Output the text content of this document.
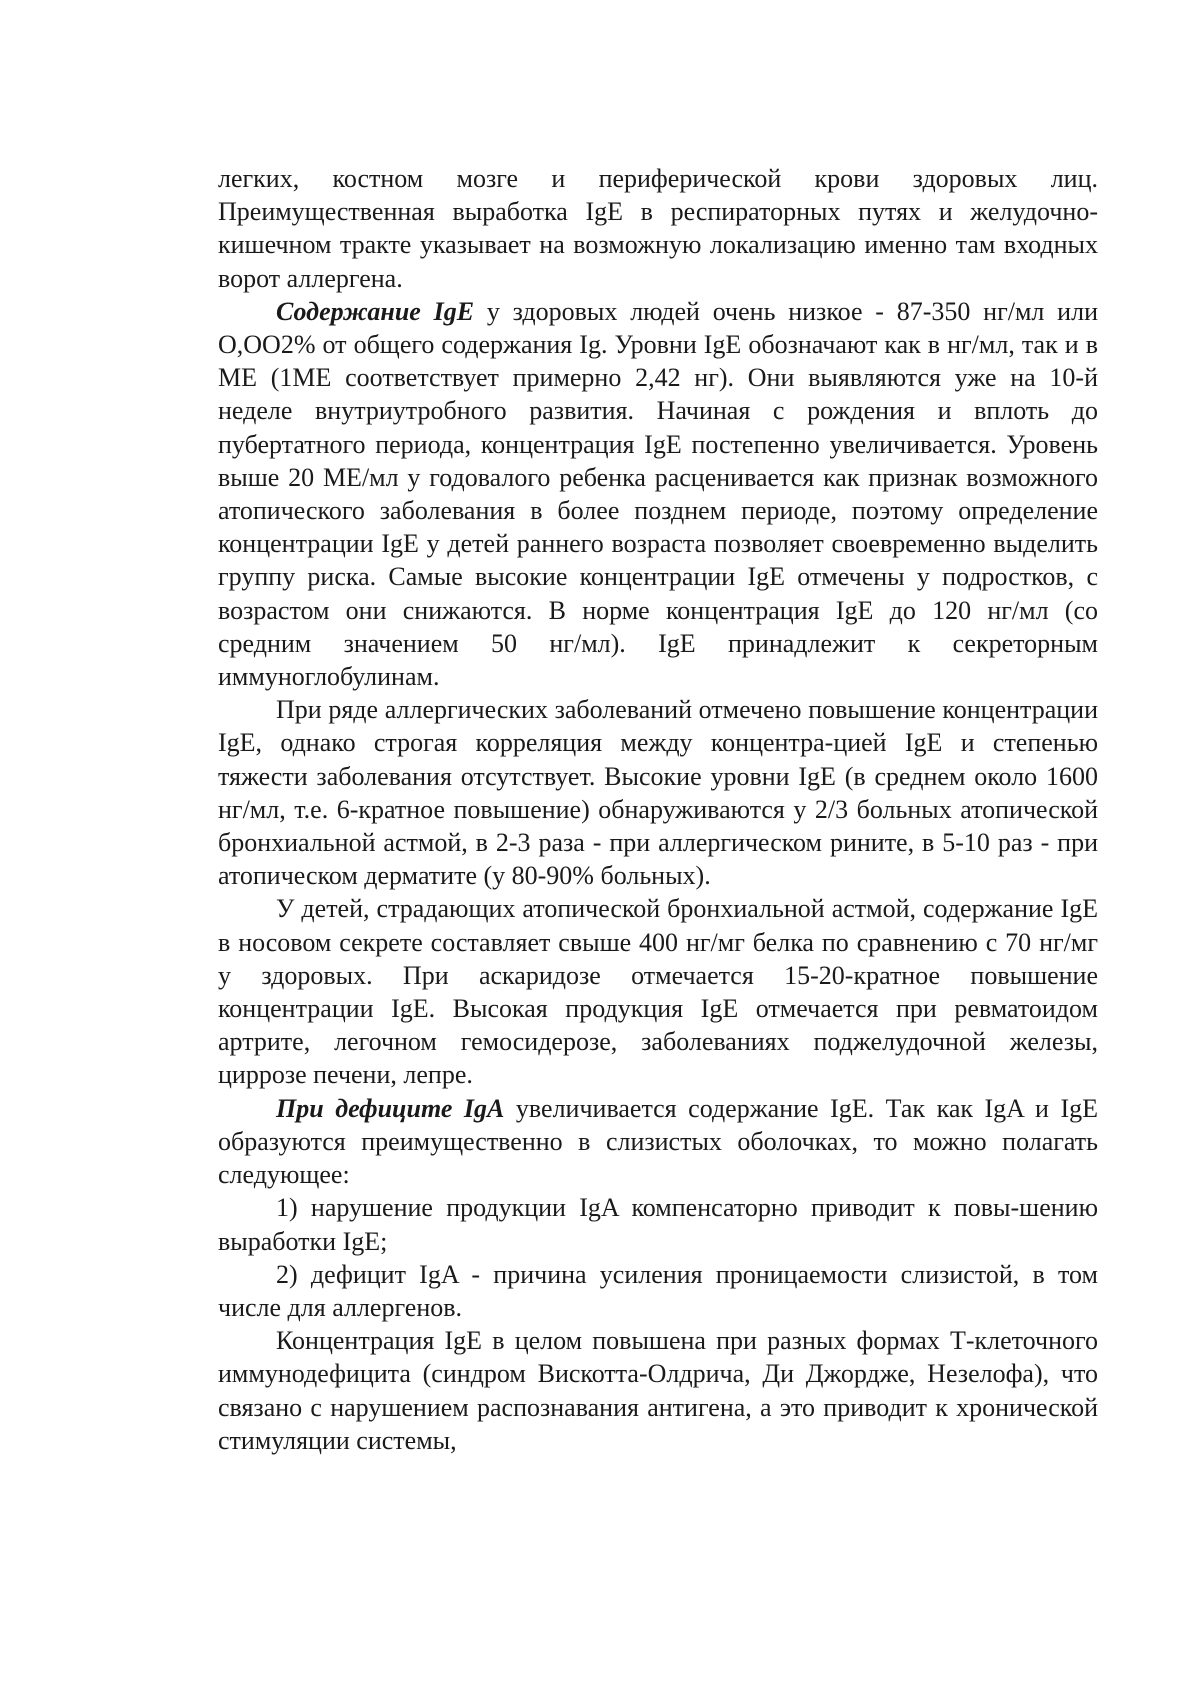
легких, костном мозге и периферической крови здоровых лиц. Преимущественная выработка IgE в респираторных путях и желудочно-кишечном тракте указывает на возможную локализацию именно там входных ворот аллергена.

Содержание IgE у здоровых людей очень низкое - 87-350 нг/мл или О,ОО2% от общего содержания Ig. Уровни IgE обозначают как в нг/мл, так и в МЕ (1МЕ соответствует примерно 2,42 нг). Они выявляются уже на 10-й неделе внутриутробного развития. Начиная с рождения и вплоть до пубертатного периода, концентрация IgE постепенно увеличивается. Уровень выше 20 МЕ/мл у годовалого ребенка расценивается как признак возможного атопического заболевания в более позднем периоде, поэтому определение концентрации IgE у детей раннего возраста позволяет своевременно выделить группу риска. Самые высокие концентрации IgE отмечены у подростков, с возрастом они снижаются. В норме концентрация IgE до 120 нг/мл (со средним значением 50 нг/мл). IgE принадлежит к секреторным иммуноглобулинам.

При ряде аллергических заболеваний отмечено повышение концентрации IgE, однако строгая корреляция между концентра-цией IgE и степенью тяжести заболевания отсутствует. Высокие уровни IgE (в среднем около 1600 нг/мл, т.е. 6-кратное повышение) обнаруживаются у 2/3 больных атопической бронхиальной астмой, в 2-3 раза - при аллергическом рините, в 5-10 раз - при атопическом дерматите (у 80-90% больных).

У детей, страдающих атопической бронхиальной астмой, содержание IgE в носовом секрете составляет свыше 400 нг/мг белка по сравнению с 70 нг/мг у здоровых. При аскаридозе отмечается 15-20-кратное повышение концентрации IgE. Высокая продукция IgE отмечается при ревматоидом артрите, легочном гемосидерозе, заболеваниях поджелудочной железы, циррозе печени, лепре.

При дефиците IgA увеличивается содержание IgE. Так как IgA и IgE образуются преимущественно в слизистых оболочках, то можно полагать следующее:

1) нарушение продукции IgA компенсаторно приводит к повы-шению выработки IgE;

2) дефицит IgA - причина усиления проницаемости слизистой, в том числе для аллергенов.

Концентрация IgE в целом повышена при разных формах Т-клеточного иммунодефицита (синдром Вискотта-Олдрича, Ди Джордже, Незелофа), что связано с нарушением распознавания антигена, а это приводит к хронической стимуляции системы,
